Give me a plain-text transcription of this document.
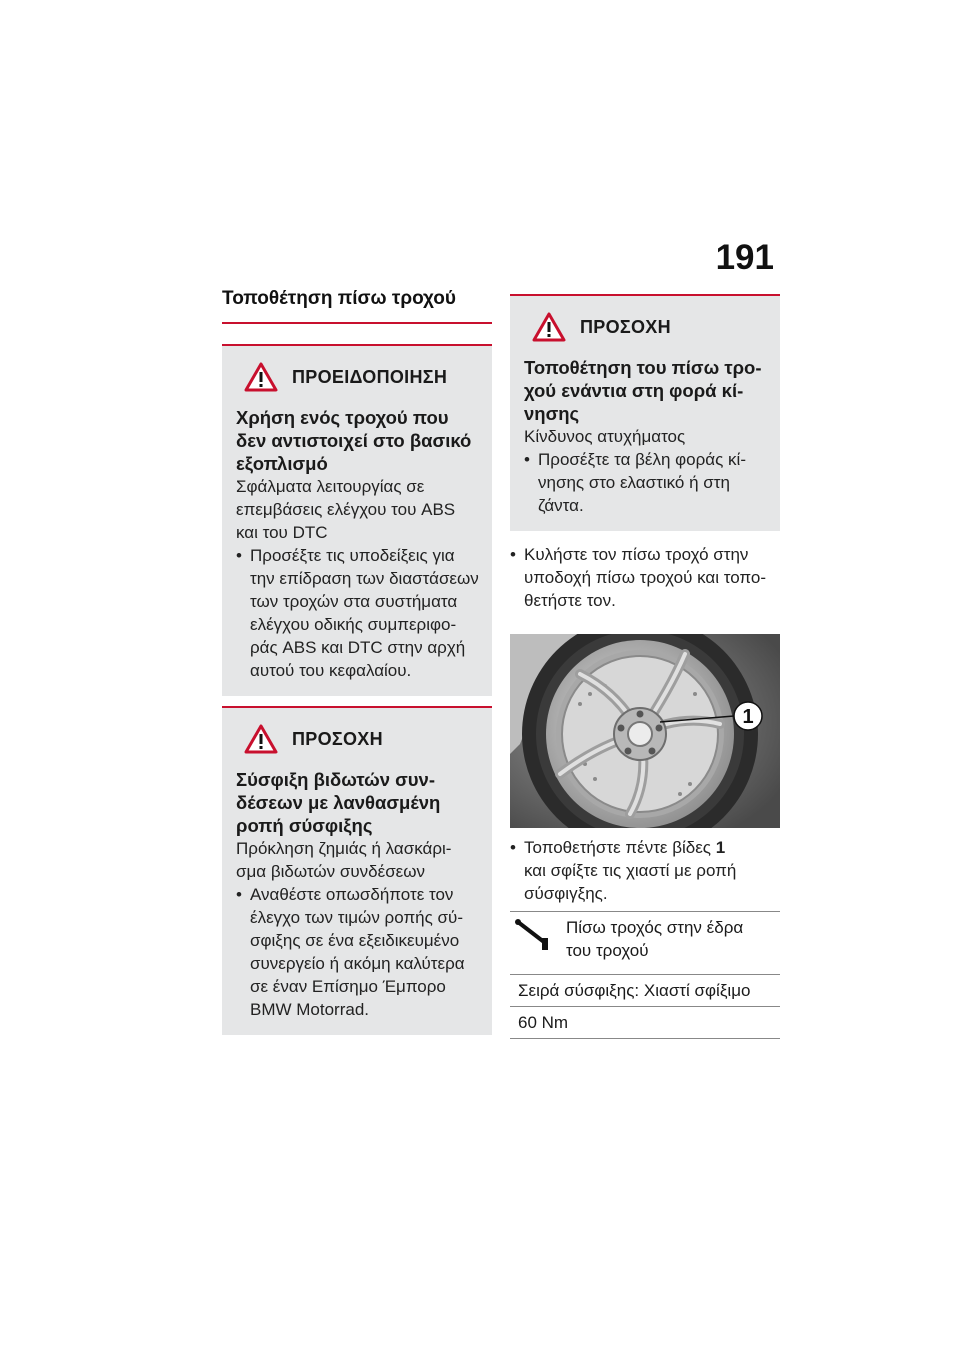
191
Τοποθέτηση πίσω τροχού
ΠΡΟΕΙΔΟΠΟΙΗΣΗ
Χρήση ενός τροχού που
δεν αντιστοιχεί στο βασικό
εξοπλισμό
Σφάλματα λειτουργίας σε
επεμβάσεις ελέγχου του ABS
και του DTC
• Προσέξτε τις υποδείξεις για
την επίδραση των διαστάσεων
των τροχών στα συστήματα
ελέγχου οδικής συμπεριφο-
ράς ABS και DTC στην αρχή
αυτού του κεφαλαίου.
ΠΡΟΣΟΧΗ
Σύσφιξη βιδωτών συν-
δέσεων με λανθασμένη
ροπή σύσφιξης
Πρόκληση ζημιάς ή λασκάρι-
σμα βιδωτών συνδέσεων
• Αναθέστε οπωσδήποτε τον
έλεγχο των τιμών ροπής σύ-
σφιξης σε ένα εξειδικευμένο
συνεργείο ή ακόμη καλύτερα
σε έναν Επίσημο Έμπορο
BMW Motorrad.
ΠΡΟΣΟΧΗ
Τοποθέτηση του πίσω τρο-
χού ενάντια στη φορά κί-
νησης
Κίνδυνος ατυχήματος
• Προσέξτε τα βέλη φοράς κί-
νησης στο ελαστικό ή στη
ζάντα.
• Κυλήστε τον πίσω τροχό στην
υποδοχή πίσω τροχού και τοπο-
θετήστε τον.
1
• Τοποθετήστε πέντε βίδες 1
και σφίξτε τις χιαστί με ροπή
σύσφιγξης.
Πίσω τροχός στην έδρα
του τροχού
Σειρά σύσφιξης: Χιαστί σφίξιμο
60 Nm
